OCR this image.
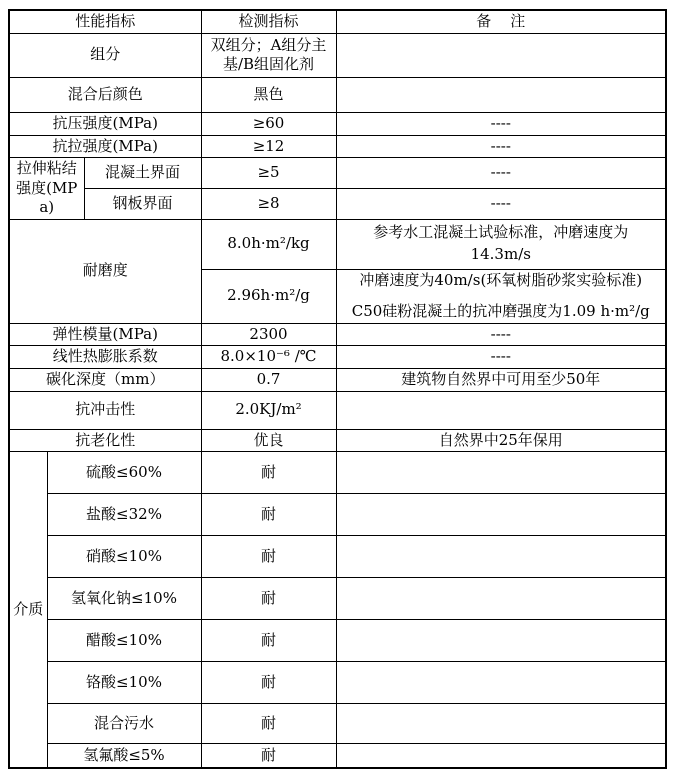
性能指标			检测指标	备    注
组分			双组分；A组分主基/B组固化剂	
混合后颜色			黑色	
抗压强度(MPa)			≥60	----
抗拉强度(MPa)			≥12	----
拉伸粘结强度(MPa)		混凝土界面	≥5	----
		钢板界面	≥8	----
耐磨度			8.0h·m²/kg	参考水工混凝土试验标准，冲磨速度为
14.3m/s

			2.96h·m²/g	冲磨速度为40m/s(环氧树脂砂浆实验标准)
C50硅粉混凝土的抗冲磨强度为1.09 h·m²/g

弹性模量(MPa)			2300	----
线性热膨胀系数			8.0×10⁻⁶ /℃	----
碳化深度（mm）			0.7	建筑物自然界中可用至少50年
抗冲击性			2.0KJ/m²	
抗老化性			优良	自然界中25年保用
介质	硫酸≤60%		耐	
	盐酸≤32%		耐	
	硝酸≤10%		耐	
	氢氧化钠≤10%		耐	
	醋酸≤10%		耐	
	铬酸≤10%		耐	
	混合污水		耐	
	氢氟酸≤5%		耐	
